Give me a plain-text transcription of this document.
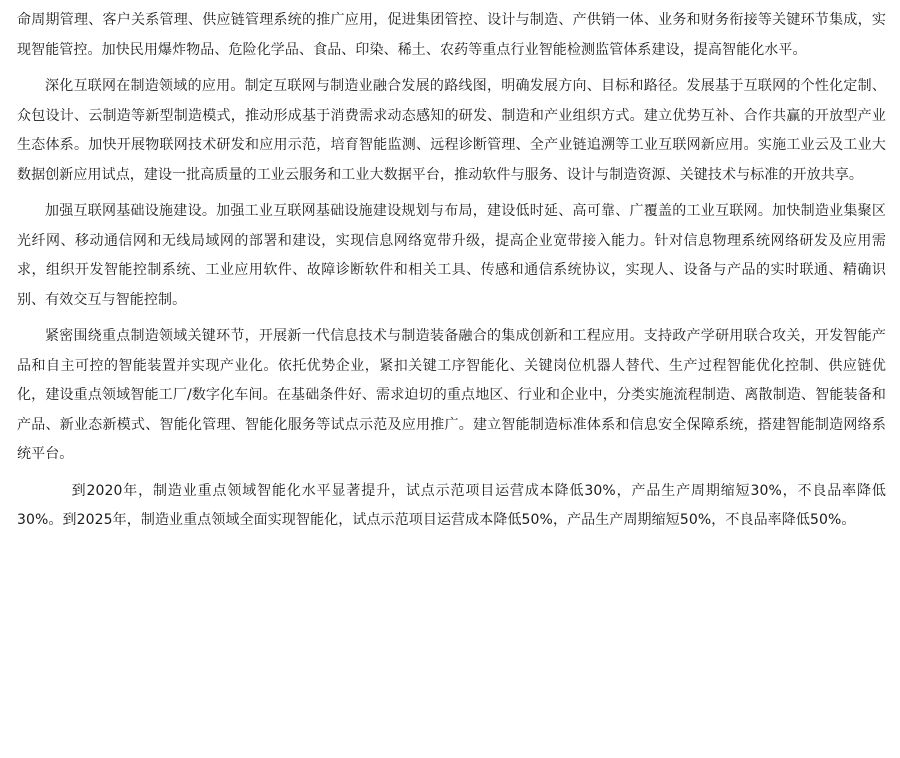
命周期管理、客户关系管理、供应链管理系统的推广应用，促进集团管控、设计与制造、产供销一体、业务和财务衔接等关键环节集成，实现智能管控。加快民用爆炸物品、危险化学品、食品、印染、稀土、农药等重点行业智能检测监管体系建设，提高智能化水平。

深化互联网在制造领域的应用。制定互联网与制造业融合发展的路线图，明确发展方向、目标和路径。发展基于互联网的个性化定制、众包设计、云制造等新型制造模式，推动形成基于消费需求动态感知的研发、制造和产业组织方式。建立优势互补、合作共赢的开放型产业生态体系。加快开展物联网技术研发和应用示范，培育智能监测、远程诊断管理、全产业链追溯等工业互联网新应用。实施工业云及工业大数据创新应用试点，建设一批高质量的工业云服务和工业大数据平台，推动软件与服务、设计与制造资源、关键技术与标准的开放共享。

加强互联网基础设施建设。加强工业互联网基础设施建设规划与布局，建设低时延、高可靠、广覆盖的工业互联网。加快制造业集聚区光纤网、移动通信网和无线局域网的部署和建设，实现信息网络宽带升级，提高企业宽带接入能力。针对信息物理系统网络研发及应用需求，组织开发智能控制系统、工业应用软件、故障诊断软件和相关工具、传感和通信系统协议，实现人、设备与产品的实时联通、精确识别、有效交互与智能控制。

紧密围绕重点制造领域关键环节，开展新一代信息技术与制造装备融合的集成创新和工程应用。支持政产学研用联合攻关，开发智能产品和自主可控的智能装置并实现产业化。依托优势企业，紧扣关键工序智能化、关键岗位机器人替代、生产过程智能优化控制、供应链优化，建设重点领域智能工厂/数字化车间。在基础条件好、需求迫切的重点地区、行业和企业中，分类实施流程制造、离散制造、智能装备和产品、新业态新模式、智能化管理、智能化服务等试点示范及应用推广。建立智能制造标准体系和信息安全保障系统，搭建智能制造网络系统平台。

到2020年，制造业重点领域智能化水平显著提升，试点示范项目运营成本降低30%，产品生产周期缩短30%，不良品率降低30%。到2025年，制造业重点领域全面实现智能化，试点示范项目运营成本降低50%，产品生产周期缩短50%，不良品率降低50%。
